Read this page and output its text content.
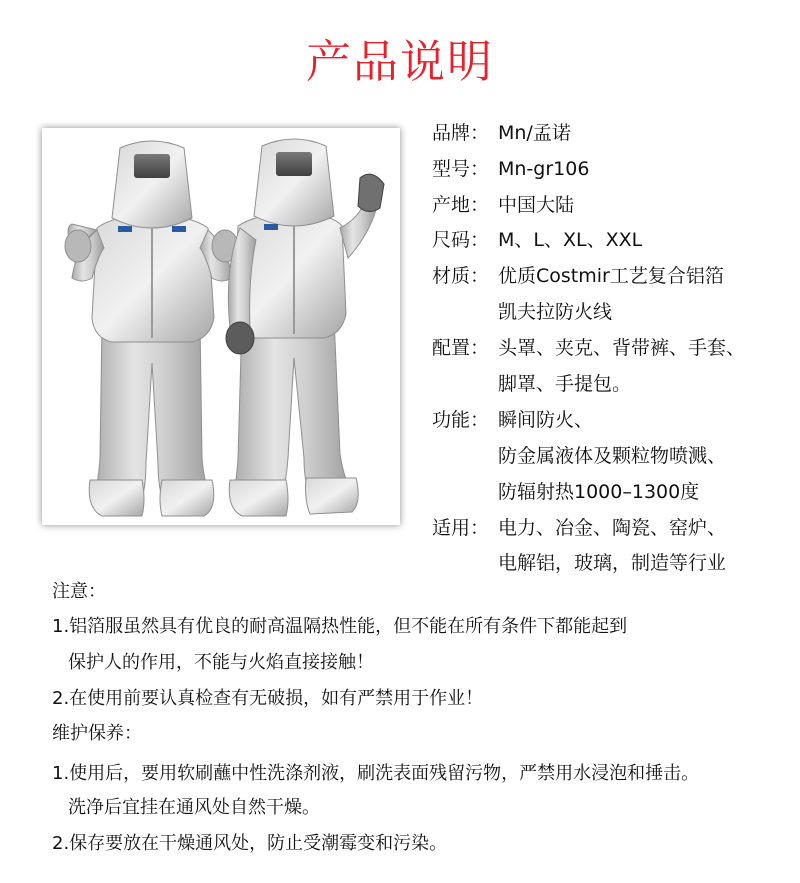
产品说明
品牌： Mn/孟诺
型号： Mn-gr106
产地： 中国大陆
尺码： M、L、XL、XXL
材质： 优质Costmir工艺复合铝箔
凯夫拉防火线
配置： 头罩、夹克、背带裤、手套、
脚罩、手提包。
功能： 瞬间防火、
防金属液体及颗粒物喷溅、
防辐射热1000–1300度
适用： 电力、冶金、陶瓷、窑炉、
电解铝，玻璃，制造等行业
注意：
1.铝箔服虽然具有优良的耐高温隔热性能，但不能在所有条件下都能起到
保护人的作用，不能与火焰直接接触！
2.在使用前要认真检查有无破损，如有严禁用于作业！
维护保养：
1.使用后，要用软刷蘸中性洗涤剂液，刷洗表面残留污物，严禁用水浸泡和捶击。
洗净后宜挂在通风处自然干燥。
2.保存要放在干燥通风处，防止受潮霉变和污染。
